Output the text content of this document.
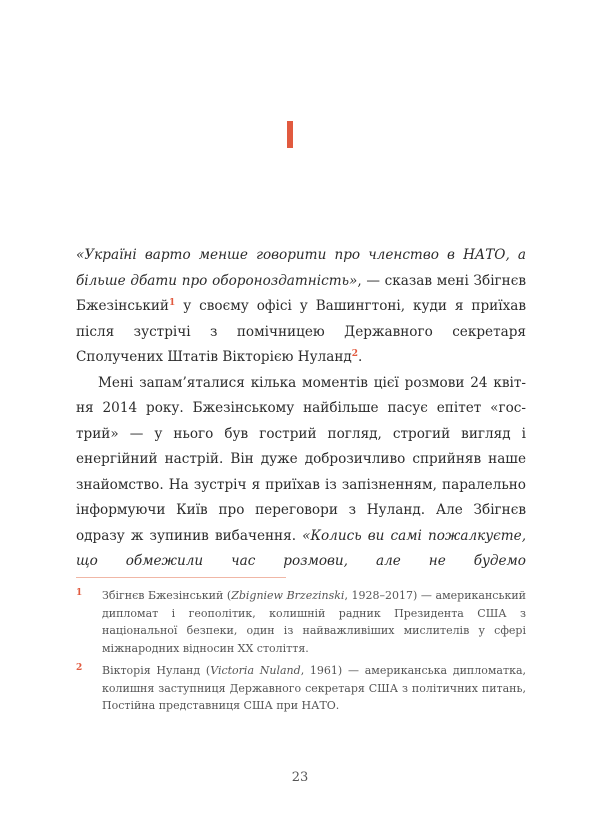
«Україні варто менше говорити про членство в НАТО, а більше дбати про обороноздатність», — сказав мені Збігнєв Бжезінський$^1$ у своєму офісі у Вашингтоні, куди я приїхав після зустрічі з помічницею Державного секретаря Сполучених Штатів Вікторією Нуланд$^2$.

Мені запам’яталися кілька моментів цієї розмови 24 квітня 2014 року. Бжезінському найбільше пасує епітет «гострий» — у нього був гострий погляд, строгий вигляд і енергійний настрій. Він дуже доброзичливо сприйняв наше знайомство. На зустріч я приїхав із запізненням, паралельно інформуючи Київ про переговори з Нуланд. Але Збігнєв одразу ж зупинив вибачення. «Колись ви самі пожалкуєте, що обмежили час розмови, але не будемо

1 Збігнєв Бжезінський (Zbigniew Brzezinski, 1928–2017) — американський дипломат і геополітик, колишній радник Президента США з національної безпеки, один із найважливіших мислителів у сфері міжнародних відносин ХХ століття.
2 Вікторія Нуланд (Victoria Nuland, 1961) — американська дипломатка, колишня заступниця Державного секретаря США з політичних питань, Постійна представниця США при НАТО.
23
